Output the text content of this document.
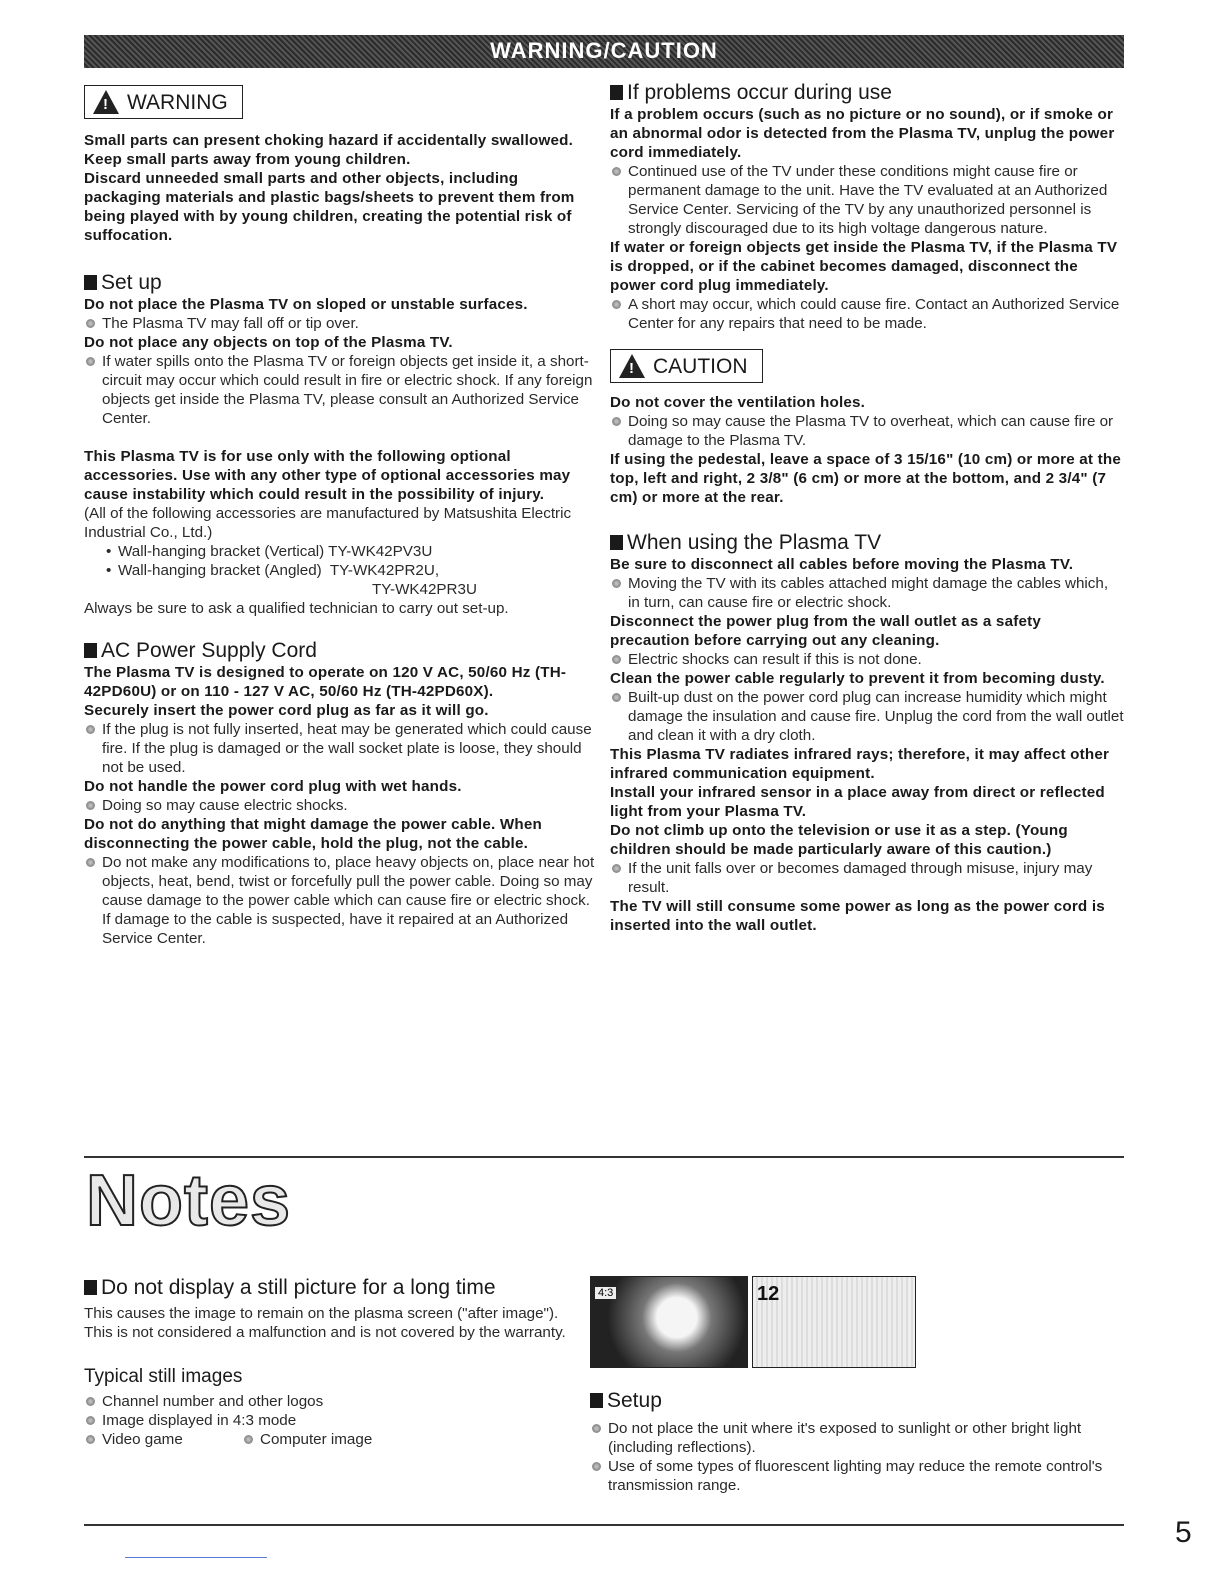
WARNING/CAUTION
!
WARNING
Small parts can present choking hazard if accidentally swallowed.
Keep small parts away from young children.
Discard unneeded small parts and other objects, including packaging materials and plastic bags/sheets to prevent them from being played with by young children, creating the potential risk of suffocation.
Set up
Do not place the Plasma TV on sloped or unstable surfaces.
The Plasma TV may fall off or tip over.
Do not place any objects on top of the Plasma TV.
If water spills onto the Plasma TV or foreign objects get inside it, a short-circuit may occur which could result in fire or electric shock. If any foreign objects get inside the Plasma TV, please consult an Authorized Service Center.
This Plasma TV is for use only with the following optional accessories. Use with any other type of optional accessories may cause instability which could result in the possibility of injury.
(All of the following accessories are manufactured by Matsushita Electric Industrial Co., Ltd.)
• Wall-hanging bracket (Vertical) TY-WK42PV3U
• Wall-hanging bracket (Angled)  TY-WK42PR2U,
TY-WK42PR3U
Always be sure to ask a qualified technician to carry out set-up.
AC Power Supply Cord
The Plasma TV is designed to operate on 120 V AC, 50/60 Hz (TH-42PD60U) or on 110 - 127 V AC, 50/60 Hz (TH-42PD60X).
Securely insert the power cord plug as far as it will go.
If the plug is not fully inserted, heat may be generated which could cause fire. If the plug is damaged or the wall socket plate is loose, they should not be used.
Do not handle the power cord plug with wet hands.
Doing so may cause electric shocks.
Do not do anything that might damage the power cable. When disconnecting the power cable, hold the plug, not the cable.
Do not make any modifications to, place heavy objects on, place near hot objects, heat, bend, twist or forcefully pull the power cable. Doing so may cause damage to the power cable which can cause fire or electric shock. If damage to the cable is suspected, have it repaired at an Authorized Service Center.
If problems occur during use
If a problem occurs (such as no picture or no sound), or if smoke or an abnormal odor is detected from the Plasma TV, unplug the power cord immediately.
Continued use of the TV under these conditions might cause fire or permanent damage to the unit. Have the TV evaluated at an Authorized Service Center. Servicing of the TV by any unauthorized personnel is strongly discouraged due to its high voltage dangerous nature.
If water or foreign objects get inside the Plasma TV, if the Plasma TV is dropped, or if the cabinet becomes damaged, disconnect the power cord plug immediately.
A short may occur, which could cause fire. Contact an Authorized Service Center for any repairs that need to be made.
!
CAUTION
Do not cover the ventilation holes.
Doing so may cause the Plasma TV to overheat, which can cause fire or damage to the Plasma TV.
If using the pedestal, leave a space of 3 15/16" (10 cm) or more at the top, left and right, 2 3/8" (6 cm) or more at the bottom, and 2 3/4" (7 cm) or more at the rear.
When using the Plasma TV
Be sure to disconnect all cables before moving the Plasma TV.
Moving the TV with its cables attached might damage the cables which, in turn, can cause fire or electric shock.
Disconnect the power plug from the wall outlet as a safety precaution before carrying out any cleaning.
Electric shocks can result if this is not done.
Clean the power cable regularly to prevent it from becoming dusty.
Built-up dust on the power cord plug can increase humidity which might damage the insulation and cause fire. Unplug the cord from the wall outlet and clean it with a dry cloth.
This Plasma TV radiates infrared rays; therefore, it may affect other infrared communication equipment.
Install your infrared sensor in a place away from direct or reflected light from your Plasma TV.
Do not climb up onto the television or use it as a step. (Young children should be made particularly aware of this caution.)
If the unit falls over or becomes damaged through misuse, injury may result.
The TV will still consume some power as long as the power cord is inserted into the wall outlet.
Notes
Do not display a still picture for a long time
This causes the image to remain on the plasma screen ("after image"). This is not considered a malfunction and is not covered by the warranty.
Typical still images
Channel number and other logos
Image displayed in 4:3 mode
Video game	Computer image
4:3	12
Setup
Do not place the unit where it's exposed to sunlight or other bright light (including reflections).
Use of some types of fluorescent lighting may reduce the remote control's transmission range.
5
